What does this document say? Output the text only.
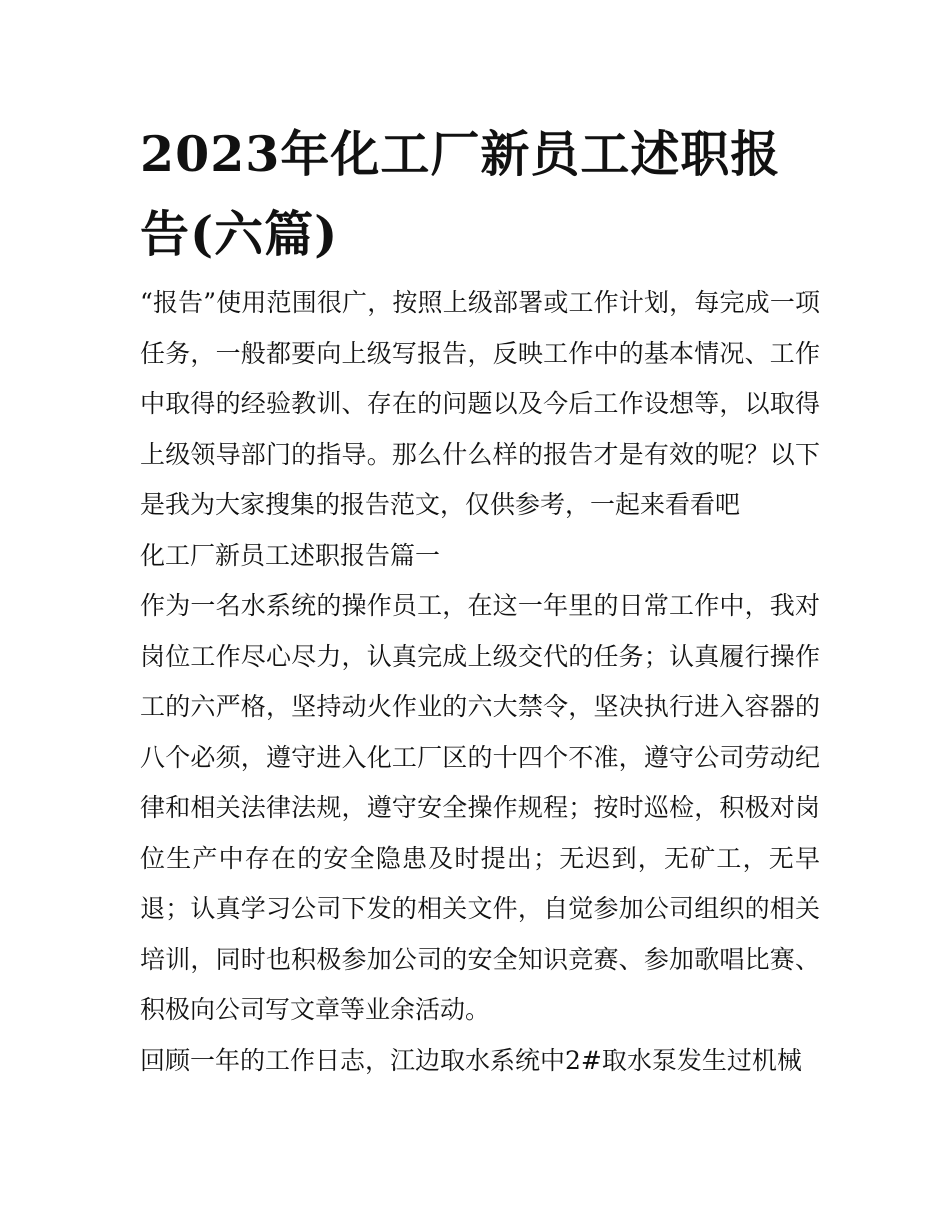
2023年化工厂新员工述职报告(六篇)

“报告”使用范围很广，按照上级部署或工作计划，每完成一项任务，一般都要向上级写报告，反映工作中的基本情况、工作中取得的经验教训、存在的问题以及今后工作设想等，以取得上级领导部门的指导。那么什么样的报告才是有效的呢？以下是我为大家搜集的报告范文，仅供参考，一起来看看吧

化工厂新员工述职报告篇一

作为一名水系统的操作员工，在这一年里的日常工作中，我对岗位工作尽心尽力，认真完成上级交代的任务；认真履行操作工的六严格，坚持动火作业的六大禁令，坚决执行进入容器的八个必须，遵守进入化工厂区的十四个不准，遵守公司劳动纪律和相关法律法规，遵守安全操作规程；按时巡检，积极对岗位生产中存在的安全隐患及时提出；无迟到，无矿工，无早退；认真学习公司下发的相关文件，自觉参加公司组织的相关培训，同时也积极参加公司的安全知识竞赛、参加歌唱比赛、积极向公司写文章等业余活动。

回顾一年的工作日志，江边取水系统中2#取水泵发生过机械
